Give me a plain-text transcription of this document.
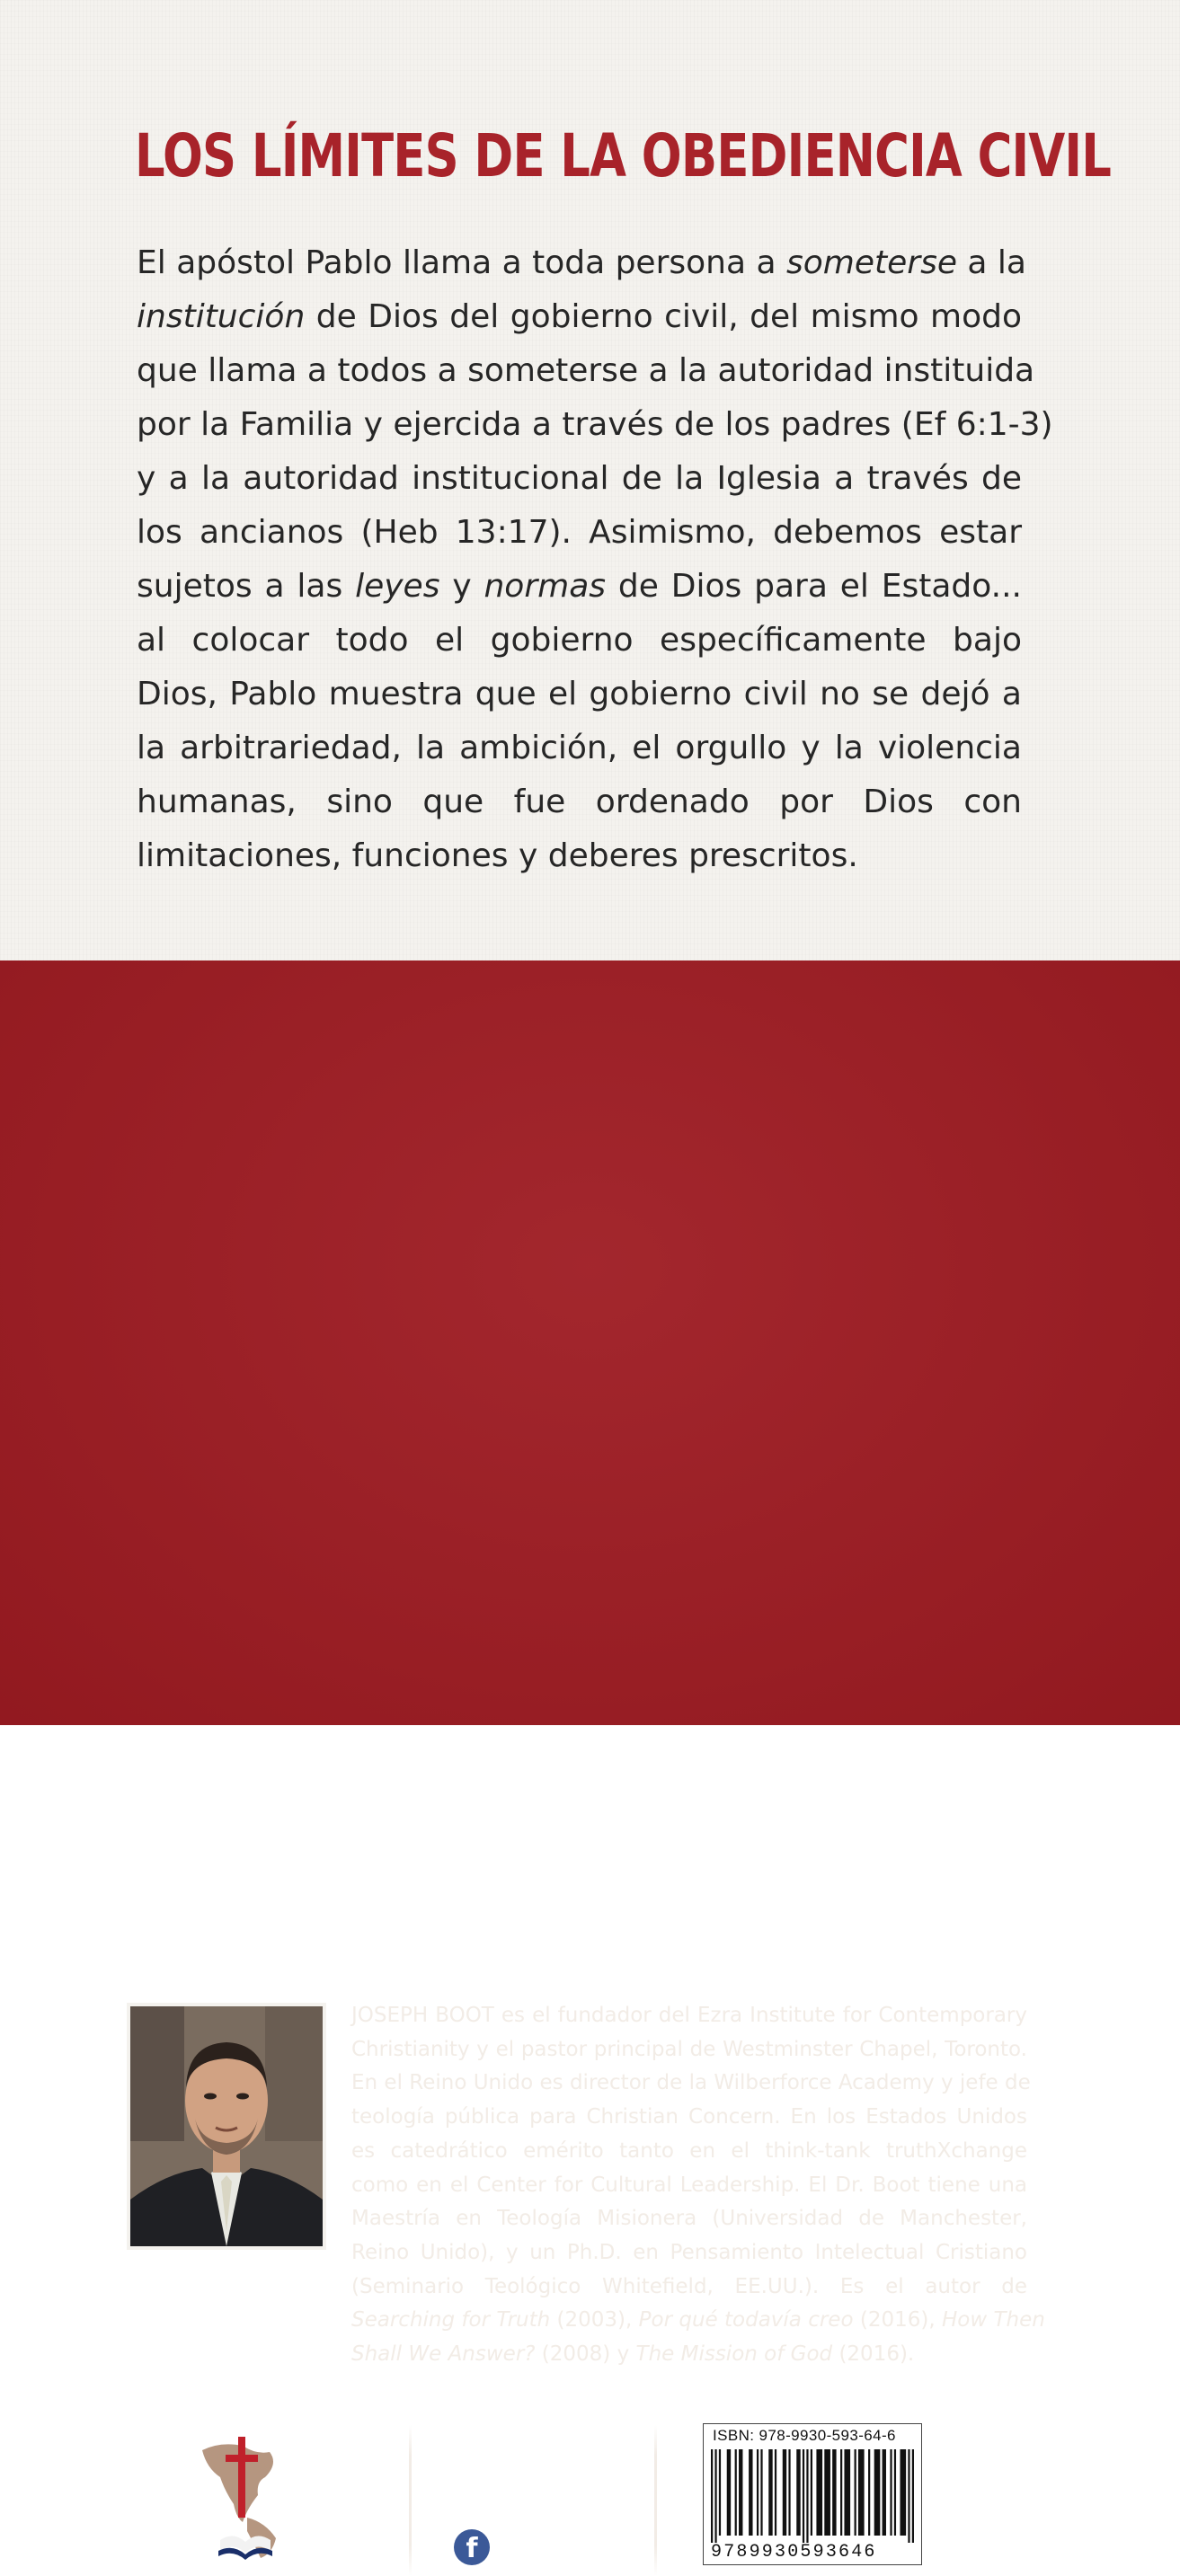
LOS LÍMITES DE LA OBEDIENCIA CIVIL

El apóstol Pablo llama a toda persona a someterse a la
institución de Dios del gobierno civil, del mismo modo
que llama a todos a someterse a la autoridad instituida
por la Familia y ejercida a través de los padres (Ef 6:1-3)
y a la autoridad institucional de la Iglesia a través de
los ancianos (Heb 13:17). Asimismo, debemos estar
sujetos a las leyes y normas de Dios para el Estado...
al colocar todo el gobierno específicamente bajo
Dios, Pablo muestra que el gobierno civil no se dejó a
la arbitrariedad, la ambición, el orgullo y la violencia
humanas, sino que fue ordenado por Dios con
limitaciones, funciones y deberes prescritos.

JOSEPH BOOT es el fundador del Ezra Institute for Contemporary
Christianity y el pastor principal de Westminster Chapel, Toronto.
En el Reino Unido es director de la Wilberforce Academy y jefe de
teología pública para Christian Concern. En los Estados Unidos
es catedrático emérito tanto en el think-tank truthXchange
como en el Center for Cultural Leadership. El Dr. Boot tiene una
Maestría en Teología Misionera (Universidad de Manchester,
Reino Unido), y un Ph.D. en Pensamiento Intelectual Cristiano
(Seminario Teológico Whitefield, EE.UU.). Es el autor de
Searching for Truth (2003), Por qué todavía creo (2016), How Then
Shall We Answer? (2008) y The Mission of God (2016).

CLIR
www.clir.net
info@clir.net
Síguenos en:
f EditorialCLIR
ISBN: 978-9930-593-64-6
9789930593646
